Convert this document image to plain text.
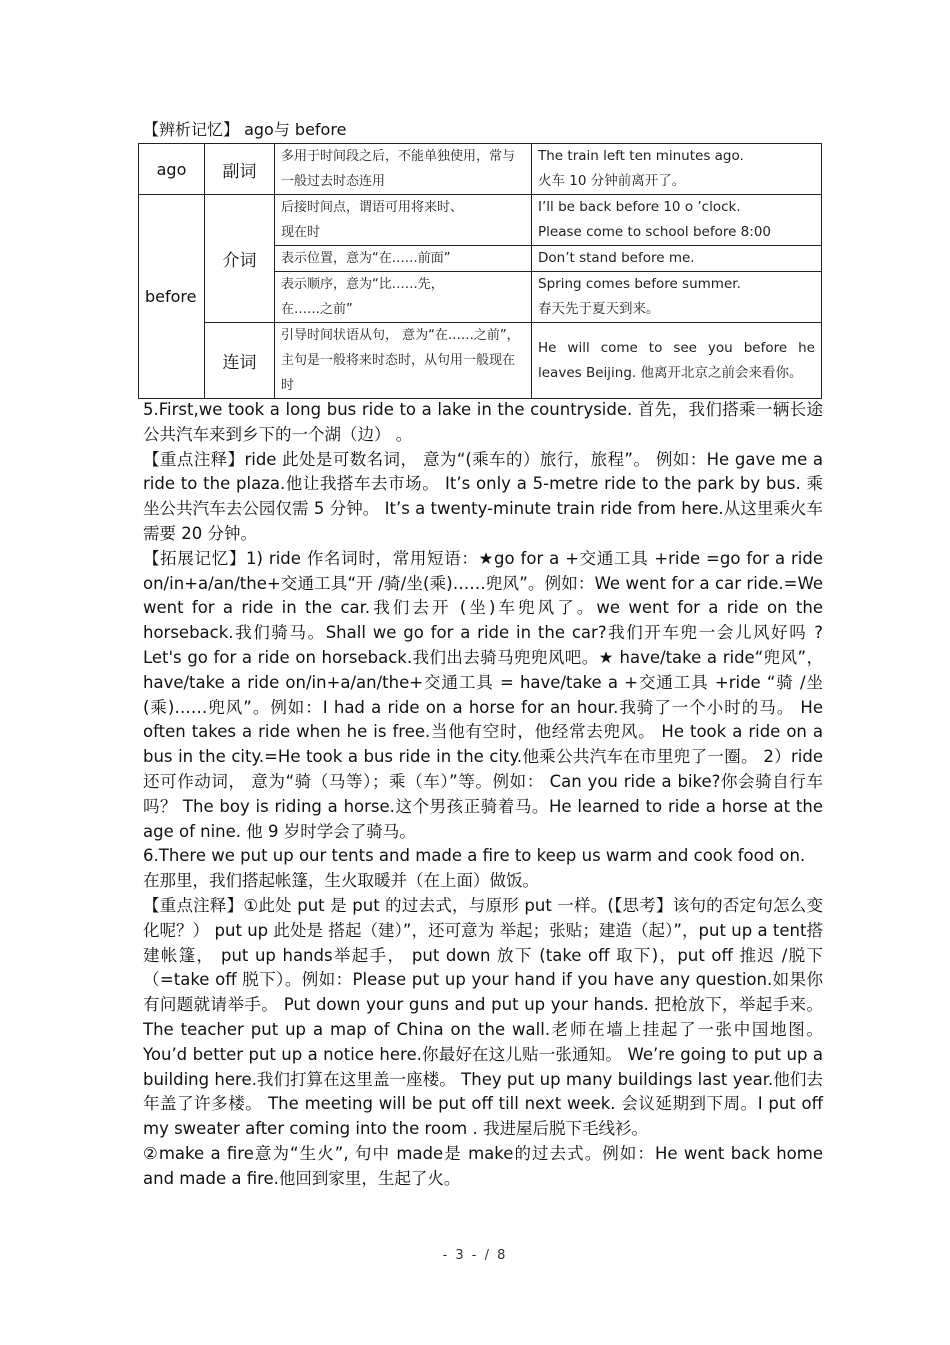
【辨析记忆】 ago与 before
ago	副词	多用于时间段之后，不能单独使用，常与一般过去时态连用	The train left ten minutes ago.
火车 10 分钟前离开了。
before	介词	后接时间点，谓语可用将来时、
现在时	I’ll be back before 10 o ’clock.
Please come to school before 8:00
		表示位置，意为“在……前面”	Don’t stand before me.
		表示顺序，意为“比……先，
在……之前”	Spring comes before summer.
春天先于夏天到来。
	连词	引导时间状语从句， 意为“在……之前”，主句是一般将来时态时，从句用一般现在时	He will come to see you before he leaves Beijing. 他离开北京之前会来看你。

5.First,we took a long bus ride to a lake in the countryside. 首先，我们搭乘一辆长途公共汽车来到乡下的一个湖（边） 。

【重点注释】ride 此处是可数名词， 意为“(乘车的）旅行，旅程”。 例如：He gave me a ride to the plaza.他让我搭车去市场。 It’s only a 5-metre ride to the park by bus. 乘坐公共汽车去公园仅需 5 分钟。 It’s a twenty-minute train ride from here.从这里乘火车需要 20 分钟。

【拓展记忆】1) ride 作名词时，常用短语：★go for a +交通工具 +ride =go for a ride on/in+a/an/the+交通工具“开 /骑/坐(乘)……兜风”。例如：We went for a car ride.=We went for a ride in the car.我们去开 (坐)车兜风了。we went for a ride on the horseback.我们骑马。Shall we go for a ride in the car?我们开车兜一会儿风好吗 ? Let's go for a ride on horseback.我们出去骑马兜兜风吧。★ have/take a ride“兜风”， have/take a ride on/in+a/an/the+交通工具 = have/take a +交通工具 +ride “骑 /坐(乘)……兜风”。例如：I had a ride on a horse for an hour.我骑了一个小时的马。 He often takes a ride when he is free.当他有空时，他经常去兜风。 He took a ride on a bus in the city.=He took a bus ride in the city.他乘公共汽车在市里兜了一圈。 2）ride 还可作动词， 意为“骑（马等）；乘（车）”等。例如： Can you ride a bike?你会骑自行车吗？ The boy is riding a horse.这个男孩正骑着马。He learned to ride a horse at the age of nine. 他 9 岁时学会了骑马。

6.There we put up our tents and made a fire to keep us warm and cook food on.
在那里，我们搭起帐篷，生火取暖并（在上面）做饭。

【重点注释】①此处 put 是 put 的过去式，与原形 put 一样。(【思考】该句的否定句怎么变化呢？） put up 此处是 搭起（建）”，还可意为 举起；张贴；建造（起）”，put up a tent搭建帐篷， put up hands举起手， put down 放下 (take off 取下)，put off 推迟 /脱下（=take off 脱下）。例如：Please put up your hand if you have any question.如果你有问题就请举手。 Put down your guns and put up your hands. 把枪放下，举起手来。 The teacher put up a map of China on the wall.老师在墙上挂起了一张中国地图。 You’d better put up a notice here.你最好在这儿贴一张通知。 We’re going to put up a building here.我们打算在这里盖一座楼。 They put up many buildings last year.他们去年盖了许多楼。 The meeting will be put off till next week. 会议延期到下周。I put off my sweater after coming into the room . 我进屋后脱下毛线衫。

②make a fire意为“生火”, 句中 made是 make的过去式。例如：He went back home and made a fire.他回到家里，生起了火。

- 3 - / 8
